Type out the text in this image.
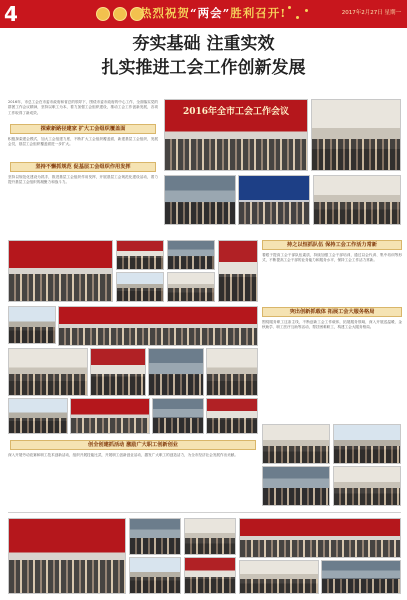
4	热烈祝贺“两会”胜利召开!	2017年2月27日 星期一
夯实基础 注重实效
扎实推进工会工作创新发展
2016年，市总工会在市委市政府和省总的领导下，围绕市委市政府的中心工作，全面落实党的群团工作会议精神，坚持以职工为本，着力加强工会组织建设，推动工会工作创新发展，各项工作取得了新成效。
探索新路径建家 扩大工会组织覆盖面
积极探索建会模式，加大工会组建力度，不断扩大工会组织覆盖面，新建基层工会组织，发展会员，基层工会组织覆盖面进一步扩大。
坚持不懈抓规范 促基层工会组织作用发挥
坚持以规范化建设为抓手，推进基层工会组织作用发挥，开展基层工会规范化建设活动，着力提升基层工会组织的凝聚力和战斗力。
2016年全市工会工作会议
持之以恒抓队伍 保持工会工作活力常新
着眼于提高工会干部队伍素质，持续加强工会干部培训，通过以会代训、集中培训等形式，不断提高工会干部的业务能力和服务水平，保持工会工作活力常新。
突出创新抓载体 拓展工会大服务格局
围绕服务职工这条主线，不断创新工会工作载体，拓展服务领域，深入开展送温暖、金秋助学、职工医疗互助等活动，帮扶困难职工，构建工会大服务格局。
创全创建抓活动 激励广大职工创新创业
深入开展劳动竞赛和职工技术创新活动，组织开展技能比武，开展职工创新创业活动，激发广大职工的创造活力，为全市经济社会发展作出贡献。
